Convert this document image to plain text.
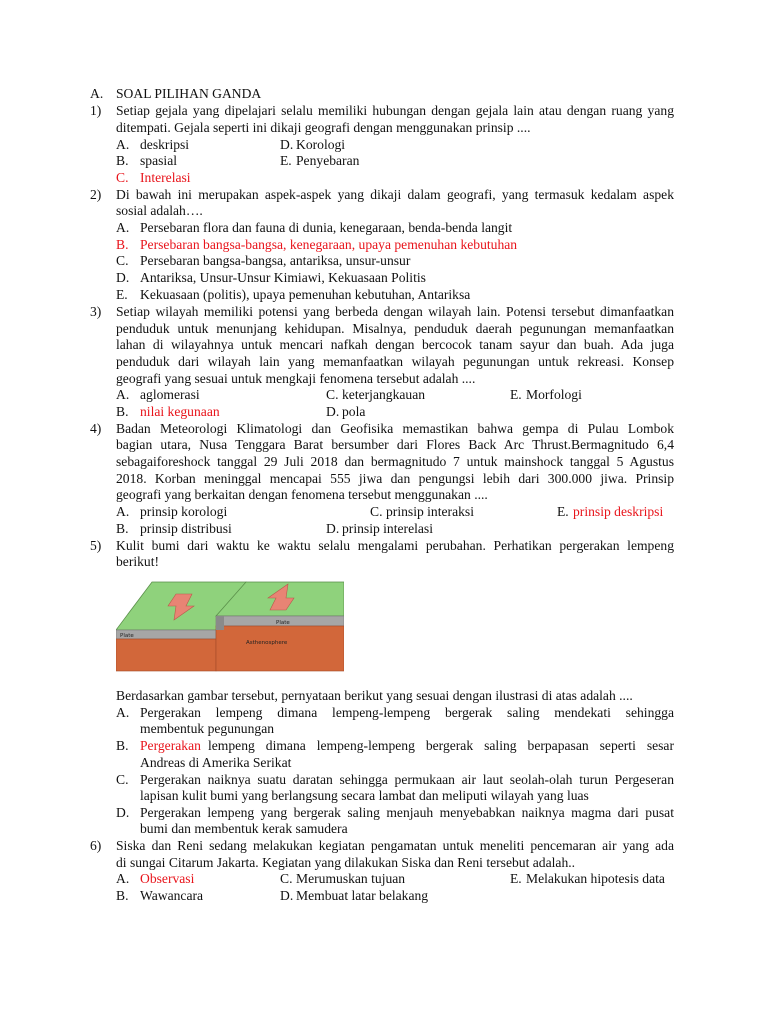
A. SOAL PILIHAN GANDA
1) Setiap gejala yang dipelajari selalu memiliki hubungan dengan gejala lain atau dengan ruang yang
ditempati. Gejala seperti ini dikaji geografi dengan menggunakan prinsip ....
A. deskripsi	D. Korologi
B. spasial	E. Penyebaran
C. Interelasi
2) Di bawah ini merupakan aspek-aspek yang dikaji dalam geografi, yang termasuk kedalam aspek
sosial adalah….
A. Persebaran flora dan fauna di dunia, kenegaraan, benda-benda langit
B. Persebaran bangsa-bangsa, kenegaraan, upaya pemenuhan kebutuhan
C. Persebaran bangsa-bangsa, antariksa, unsur-unsur
D. Antariksa, Unsur-Unsur Kimiawi, Kekuasaan Politis
E. Kekuasaan (politis), upaya pemenuhan kebutuhan, Antariksa
3) Setiap wilayah memiliki potensi yang berbeda dengan wilayah lain. Potensi tersebut dimanfaatkan
penduduk untuk menunjang kehidupan. Misalnya, penduduk daerah pegunungan memanfaatkan
lahan di wilayahnya untuk mencari nafkah dengan bercocok tanam sayur dan buah. Ada juga
penduduk dari wilayah lain yang memanfaatkan wilayah pegunungan untuk rekreasi. Konsep
geografi yang sesuai untuk mengkaji fenomena tersebut adalah ....
A. aglomerasi	C. keterjangkauan	E. Morfologi
B. nilai kegunaan	D. pola
4) Badan Meteorologi Klimatologi dan Geofisika memastikan bahwa gempa di Pulau Lombok
bagian utara, Nusa Tenggara Barat bersumber dari Flores Back Arc Thrust.Bermagnitudo 6,4
sebagaiforeshock tanggal 29 Juli 2018 dan bermagnitudo 7 untuk mainshock tanggal 5 Agustus
2018. Korban meninggal mencapai 555 jiwa dan pengungsi lebih dari 300.000 jiwa. Prinsip
geografi yang berkaitan dengan fenomena tersebut menggunakan ....
A. prinsip korologi	C. prinsip interaksi	E. prinsip deskripsi
B. prinsip distribusi	D. prinsip interelasi
5) Kulit bumi dari waktu ke waktu selalu mengalami perubahan. Perhatikan pergerakan lempeng
berikut!
Plate
Plate
Asthenosphere
Berdasarkan gambar tersebut, pernyataan berikut yang sesuai dengan ilustrasi di atas adalah ....
A. Pergerakan lempeng dimana lempeng-lempeng bergerak saling mendekati sehingga
membentuk pegunungan
B. Pergerakan lempeng dimana lempeng-lempeng bergerak saling berpapasan seperti sesar
Andreas di Amerika Serikat
C. Pergerakan naiknya suatu daratan sehingga permukaan air laut seolah-olah turun Pergeseran
lapisan kulit bumi yang berlangsung secara lambat dan meliputi wilayah yang luas
D. Pergerakan lempeng yang bergerak saling menjauh menyebabkan naiknya magma dari pusat
bumi dan membentuk kerak samudera
6) Siska dan Reni sedang melakukan kegiatan pengamatan untuk meneliti pencemaran air yang ada
di sungai Citarum Jakarta. Kegiatan yang dilakukan Siska dan Reni tersebut adalah..
A. Observasi	C. Merumuskan tujuan	E. Melakukan hipotesis data
B. Wawancara	D. Membuat latar belakang
